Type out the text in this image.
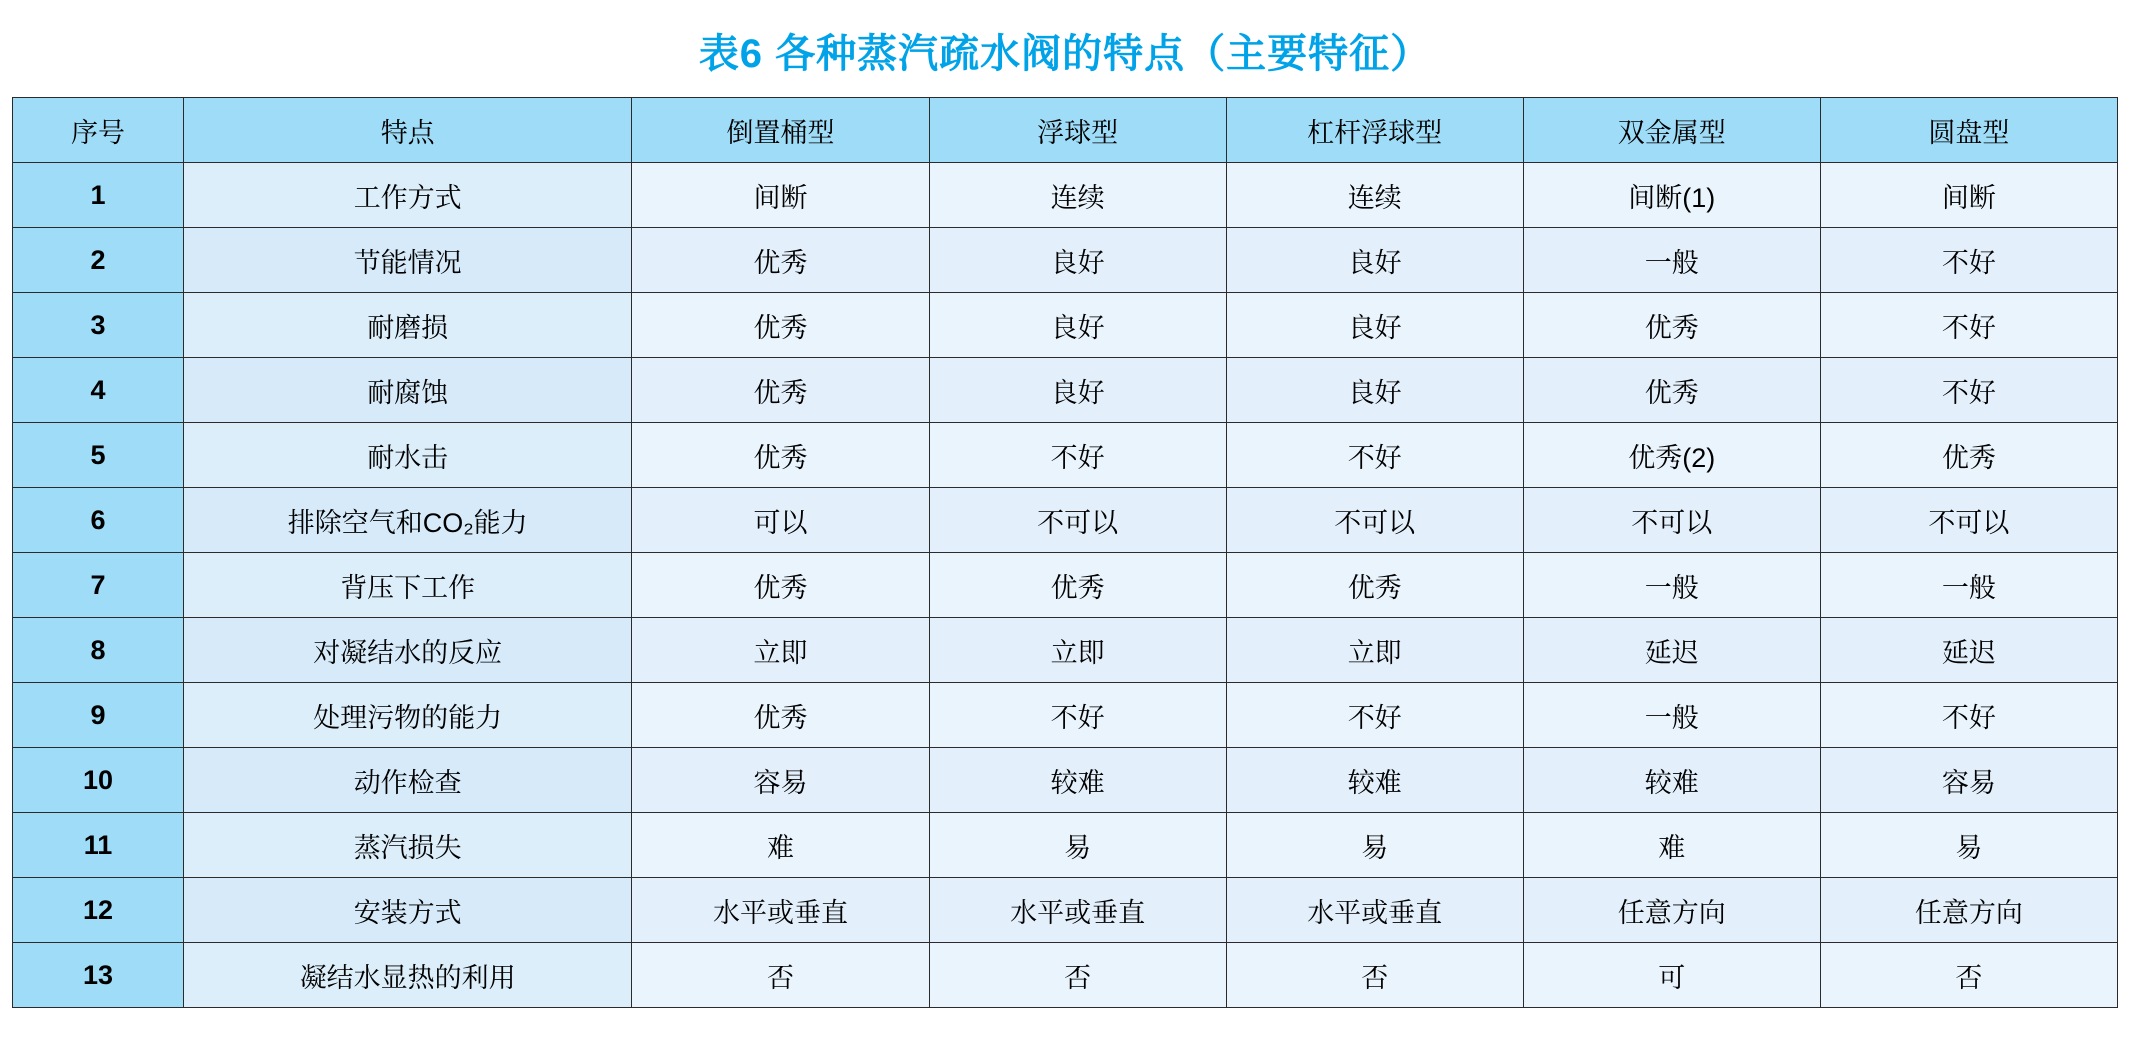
表6 各种蒸汽疏水阀的特点（主要特征）
序号	特点	倒置桶型	浮球型	杠杆浮球型	双金属型	圆盘型
1	工作方式	间断	连续	连续	间断(1)	间断
2	节能情况	优秀	良好	良好	一般	不好
3	耐磨损	优秀	良好	良好	优秀	不好
4	耐腐蚀	优秀	良好	良好	优秀	不好
5	耐水击	优秀	不好	不好	优秀(2)	优秀
6	排除空气和CO₂能力	可以	不可以	不可以	不可以	不可以
7	背压下工作	优秀	优秀	优秀	一般	一般
8	对凝结水的反应	立即	立即	立即	延迟	延迟
9	处理污物的能力	优秀	不好	不好	一般	不好
10	动作检查	容易	较难	较难	较难	容易
11	蒸汽损失	难	易	易	难	易
12	安装方式	水平或垂直	水平或垂直	水平或垂直	任意方向	任意方向
13	凝结水显热的利用	否	否	否	可	否
